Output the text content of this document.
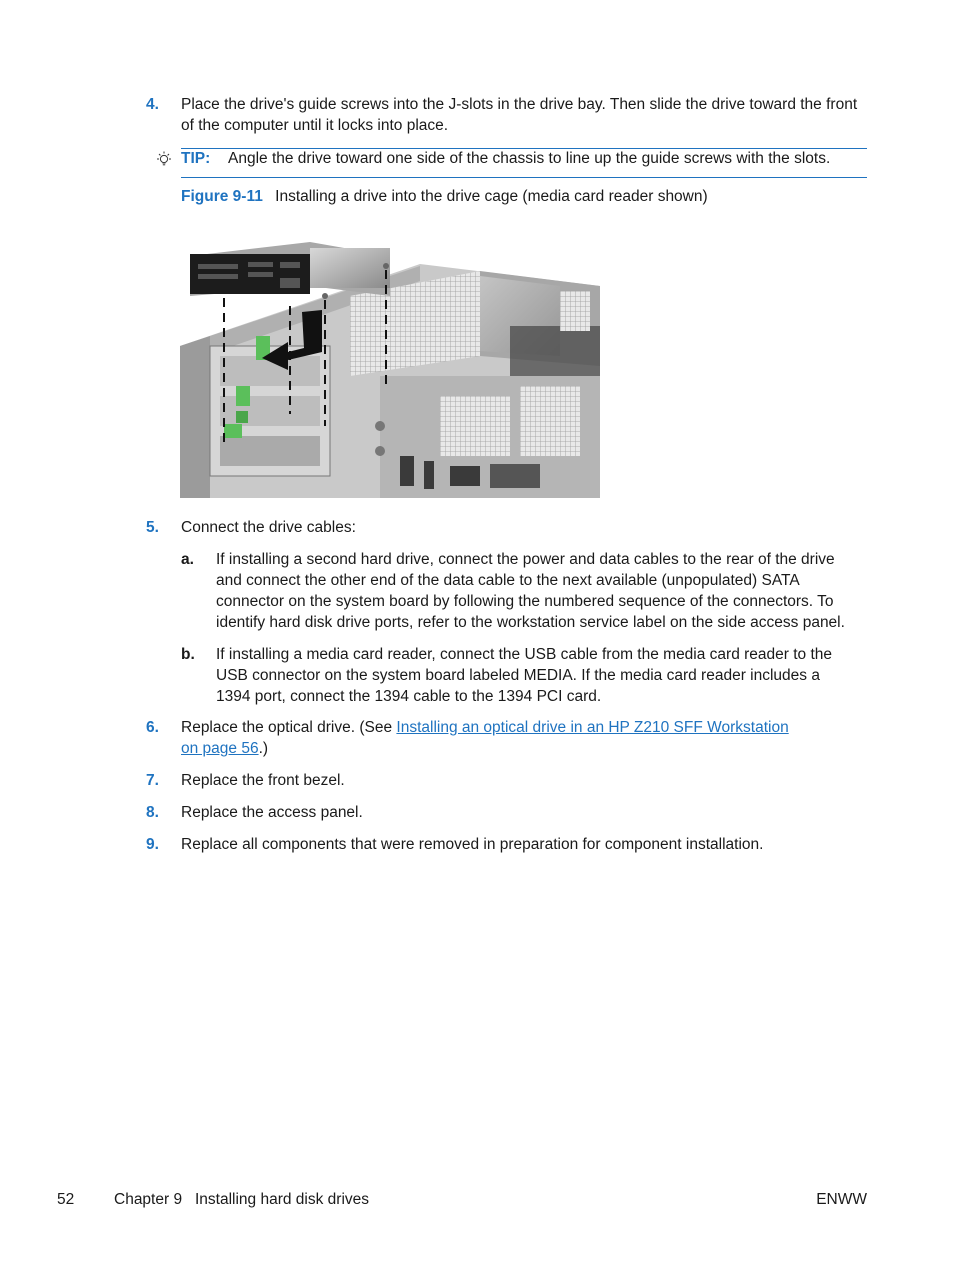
4. Place the drive's guide screws into the J-slots in the drive bay. Then slide the drive toward the front
of the computer until it locks into place.
TIP: Angle the drive toward one side of the chassis to line up the guide screws with the slots.
Figure 9-11 Installing a drive into the drive cage (media card reader shown)
5. Connect the drive cables:
a. If installing a second hard drive, connect the power and data cables to the rear of the drive
and connect the other end of the data cable to the next available (unpopulated) SATA
connector on the system board by following the numbered sequence of the connectors. To
identify hard disk drive ports, refer to the workstation service label on the side access panel.
b. If installing a media card reader, connect the USB cable from the media card reader to the
USB connector on the system board labeled MEDIA. If the media card reader includes a
1394 port, connect the 1394 cable to the 1394 PCI card.
6. Replace the optical drive. (See Installing an optical drive in an HP Z210 SFF Workstation
on page 56.)
7. Replace the front bezel.
8. Replace the access panel.
9. Replace all components that were removed in preparation for component installation.
52	Chapter 9   Installing hard disk drives	ENWW
